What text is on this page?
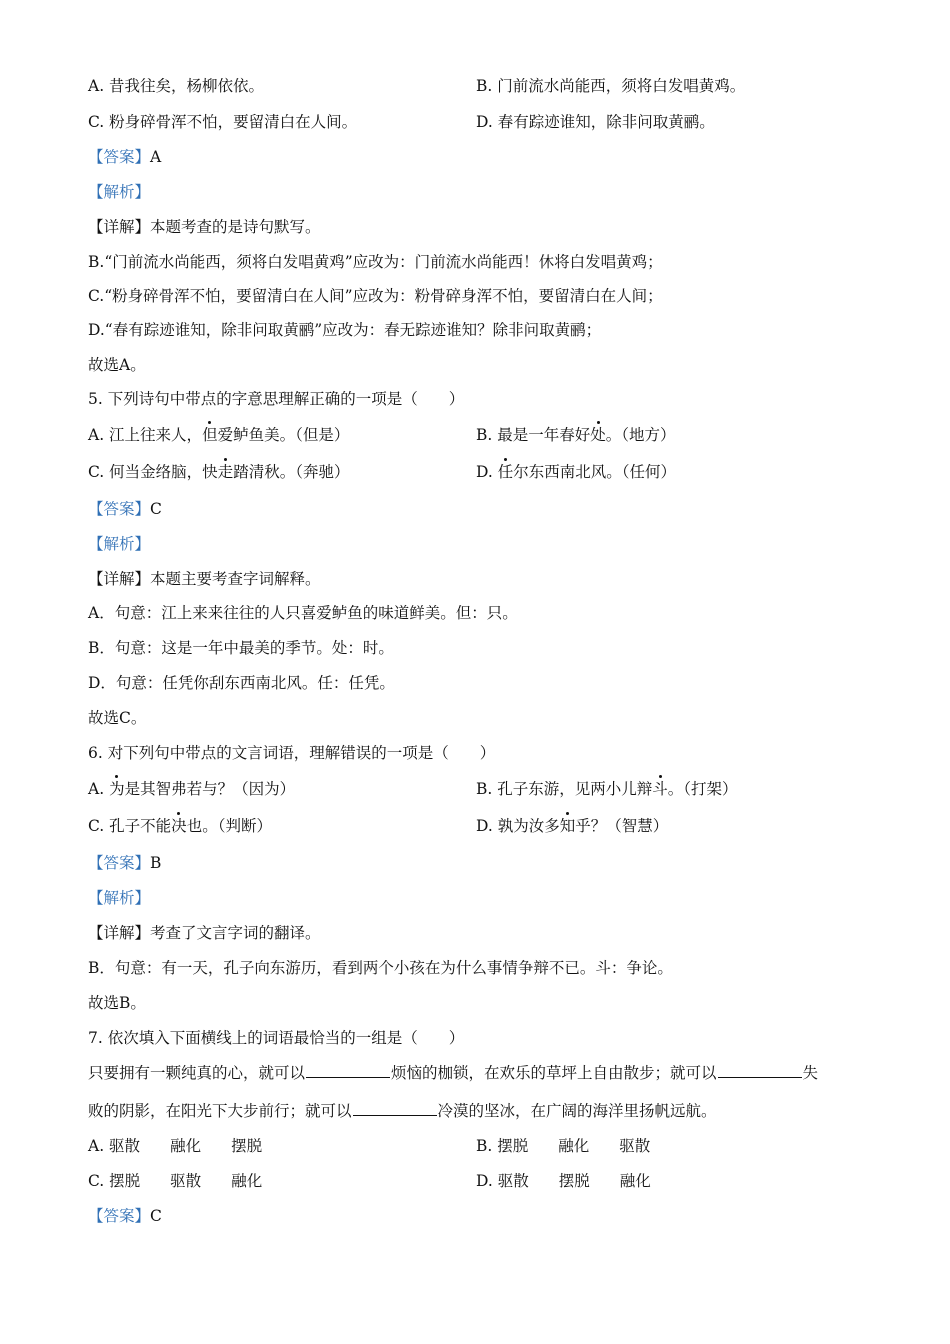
A. 昔我往矣，杨柳依依。	B. 门前流水尚能西，须将白发唱黄鸡。
C. 粉身碎骨浑不怕，要留清白在人间。	D. 春有踪迹谁知，除非问取黄鹂。
【答案】A
【解析】
【详解】本题考查的是诗句默写。
B.“门前流水尚能西，须将白发唱黄鸡”应改为：门前流水尚能西！休将白发唱黄鸡；
C.“粉身碎骨浑不怕，要留清白在人间”应改为：粉骨碎身浑不怕，要留清白在人间；
D.“春有踪迹谁知，除非问取黄鹂”应改为：春无踪迹谁知？除非问取黄鹂；
故选A。
5. 下列诗句中带点的字意思理解正确的一项是（　　）
A. 江上往来人，但爱鲈鱼美。（但是）	B. 最是一年春好处。（地方）
C. 何当金络脑，快走踏清秋。（奔驰）	D. 任尔东西南北风。（任何）
【答案】C
【解析】
【详解】本题主要考查字词解释。
A．句意：江上来来往往的人只喜爱鲈鱼的味道鲜美。但：只。
B．句意：这是一年中最美的季节。处：时。
D．句意：任凭你刮东西南北风。任：任凭。
故选C。
6. 对下列句中带点的文言词语，理解错误的一项是（　　）
A. 为是其智弗若与？（因为）	B. 孔子东游，见两小儿辩斗。（打架）
C. 孔子不能决也。（判断）	D. 孰为汝多知乎？（智慧）
【答案】B
【解析】
【详解】考查了文言字词的翻译。
B．句意：有一天，孔子向东游历，看到两个小孩在为什么事情争辩不已。斗：争论。
故选B。
7. 依次填入下面横线上的词语最恰当的一组是（　　）
只要拥有一颗纯真的心，就可以	烦恼的枷锁，在欢乐的草坪上自由散步；就可以	失
败的阴影，在阳光下大步前行；就可以	冷漠的坚冰，在广阔的海洋里扬帆远航。
A. 驱散 融化 摆脱	B. 摆脱 融化 驱散
C. 摆脱 驱散 融化	D. 驱散 摆脱 融化
【答案】C
